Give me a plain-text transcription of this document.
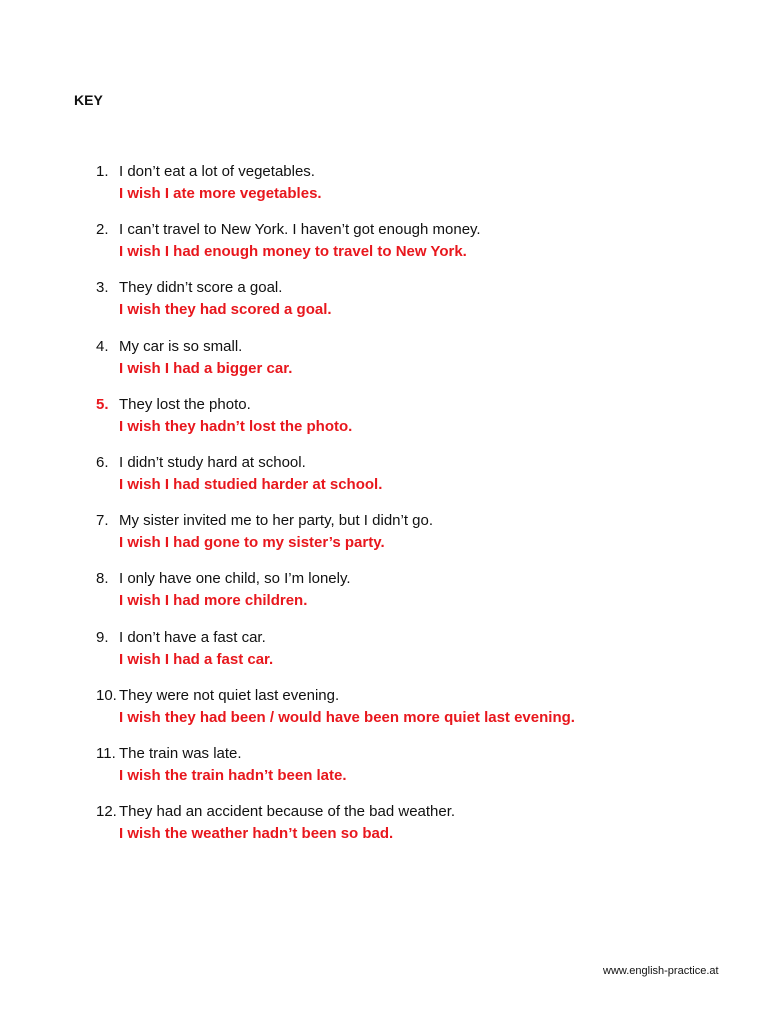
KEY
1. I don’t eat a lot of vegetables.
I wish I ate more vegetables.
2. I can’t travel to New York. I haven’t got enough money.
I wish I had enough money to travel to New York.
3. They didn’t score a goal.
I wish they had scored a goal.
4. My car is so small.
I wish I had a bigger car.
5. They lost the photo.
I wish they hadn’t lost the photo.
6. I didn’t study hard at school.
I wish I had studied harder at school.
7. My sister invited me to her party, but I didn’t go.
I wish I had gone to my sister’s party.
8. I only have one child, so I’m lonely.
I wish I had more children.
9. I don’t have a fast car.
I wish I had a fast car.
10. They were not quiet last evening.
I wish they had been / would have been more quiet last evening.
11. The train was late.
I wish the train hadn’t been late.
12. They had an accident because of the bad weather.
I wish the weather hadn’t been so bad.
www.english-practice.at
